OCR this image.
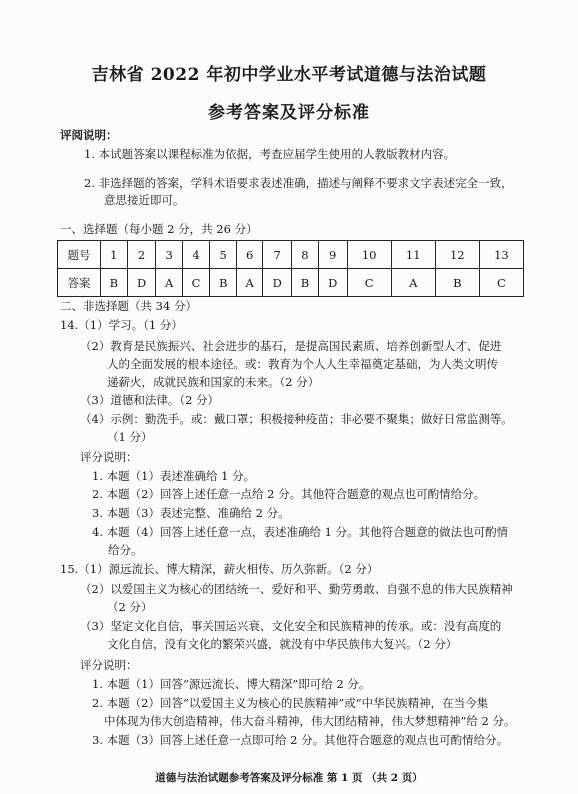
吉林省 2022 年初中学业水平考试道德与法治试题
参考答案及评分标准
评阅说明：
1. 本试题答案以课程标准为依据，考查应届学生使用的人教版教材内容。
2. 非选择题的答案，学科术语要求表述准确，描述与阐释不要求文字表述完全一致，
意思接近即可。
一、选择题（每小题 2 分，共 26 分）
题号	1	2	3	4	5	6	7	8	9	10	11	12	13
答案	B	D	A	C	B	A	D	B	D	C	A	B	C
二、非选择题（共 34 分）
14.（1）学习。（1 分）
（2）教育是民族振兴、社会进步的基石，是提高国民素质、培养创新型人才、促进
人的全面发展的根本途径。或：教育为个人人生幸福奠定基础，为人类文明传
递薪火，成就民族和国家的未来。（2 分）
（3）道德和法律。（2 分）
（4）示例：勤洗手。或：戴口罩；积极接种疫苗；非必要不聚集；做好日常监测等。
（1 分）
评分说明：
1. 本题（1）表述准确给 1 分。
2. 本题（2）回答上述任意一点给 2 分。其他符合题意的观点也可酌情给分。
3. 本题（3）表述完整、准确给 2 分。
4. 本题（4）回答上述任意一点，表述准确给 1 分。其他符合题意的做法也可酌情
给分。
15.（1）源远流长、博大精深，薪火相传、历久弥新。（2 分）
（2）以爱国主义为核心的团结统一、爱好和平、勤劳勇敢、自强不息的伟大民族精神
（2 分）
（3）坚定文化自信，事关国运兴衰、文化安全和民族精神的传承。或：没有高度的
文化自信，没有文化的繁荣兴盛，就没有中华民族伟大复兴。（2 分）
评分说明：
1. 本题（1）回答“源远流长、博大精深”即可给 2 分。
2. 本题（2）回答“以爱国主义为核心的民族精神”或“中华民族精神，在当今集
中体现为伟大创造精神，伟大奋斗精神，伟大团结精神，伟大梦想精神”给 2 分。
3. 本题（3）回答上述任意一点即可给 2 分。其他符合题意的观点也可酌情给分。
道德与法治试题参考答案及评分标准 第 1 页 （共 2 页）
